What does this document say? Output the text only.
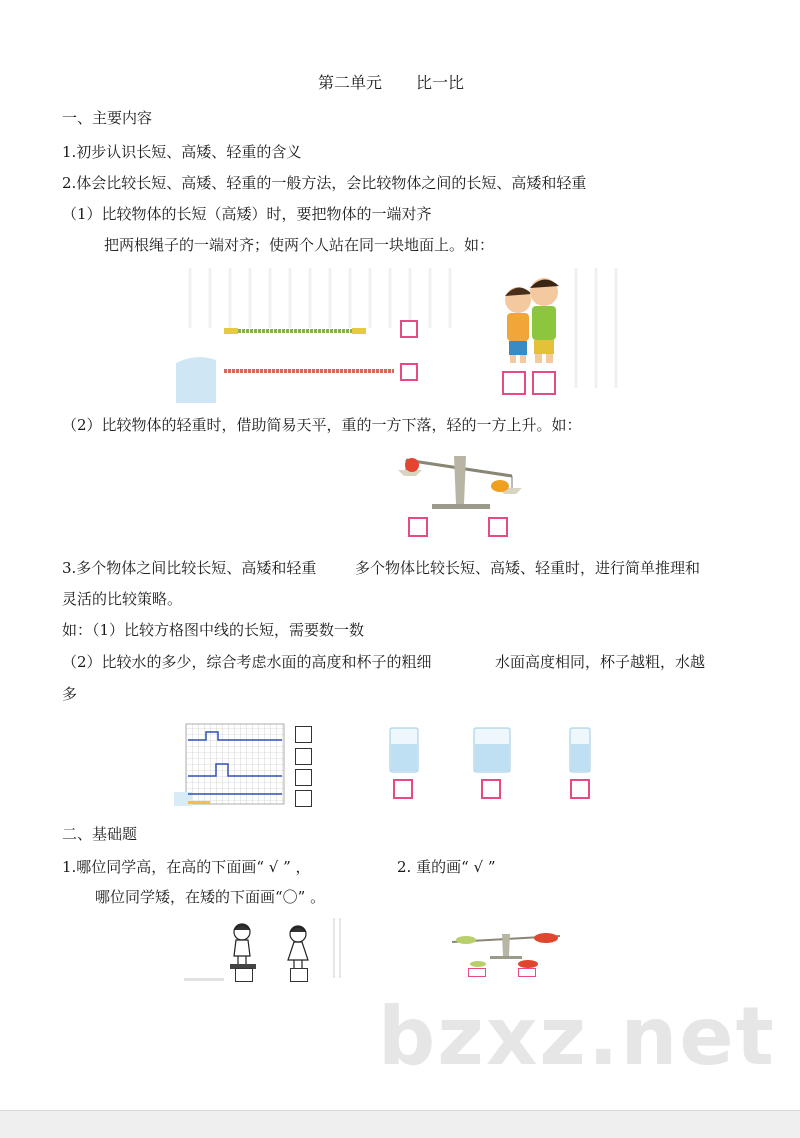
第二单元 比一比
一、主要内容
1.初步认识长短、高矮、轻重的含义
2.体会比较长短、高矮、轻重的一般方法，会比较物体之间的长短、高矮和轻重
（1）比较物体的长短（高矮）时，要把物体的一端对齐
把两根绳子的一端对齐；使两个人站在同一块地面上。如：
（2）比较物体的轻重时，借助简易天平，重的一方下落，轻的一方上升。如：
3.多个物体之间比较长短、高矮和轻重	多个物体比较长短、高矮、轻重时，进行简单推理和
灵活的比较策略。
如：（1）比较方格图中线的长短，需要数一数
（2）比较水的多少，综合考虑水面的高度和杯子的粗细	水面高度相同，杯子越粗，水越
多
二、基础题
1.哪位同学高，在高的下面画“ √ ” ，	2. 重的画“ √ ”
哪位同学矮，在矮的下面画“〇” 。
bzxz.net
